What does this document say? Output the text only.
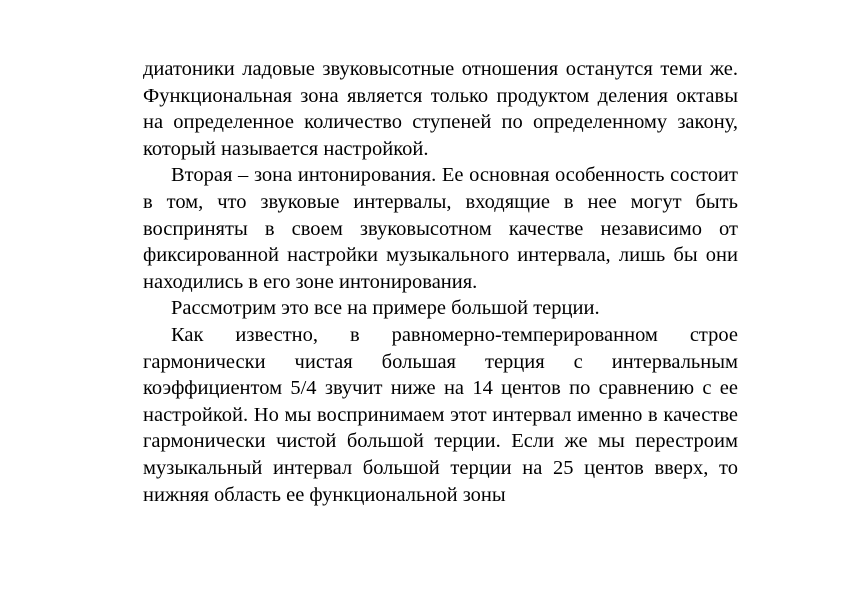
диатоники ладовые звуковысотные отношения останутся теми же. Функциональная зона является только продуктом деления октавы на определенное количество ступеней по определенному закону, который называется настройкой.

Вторая – зона интонирования. Ее основная особенность состоит в том, что звуковые интервалы, входящие в нее могут быть восприняты в своем звуковысотном качестве независимо от фиксированной настройки музыкального интервала, лишь бы они находились в его зоне интонирования.

Рассмотрим это все на примере большой терции.

Как известно, в равномерно-темперированном строе гармонически чистая большая терция с интервальным коэффициентом 5/4 звучит ниже на 14 центов по сравнению с ее настройкой. Но мы воспринимаем этот интервал именно в качестве гармонически чистой большой терции. Если же мы перестроим музыкальный интервал большой терции на 25 центов вверх, то нижняя область ее функциональной зоны
